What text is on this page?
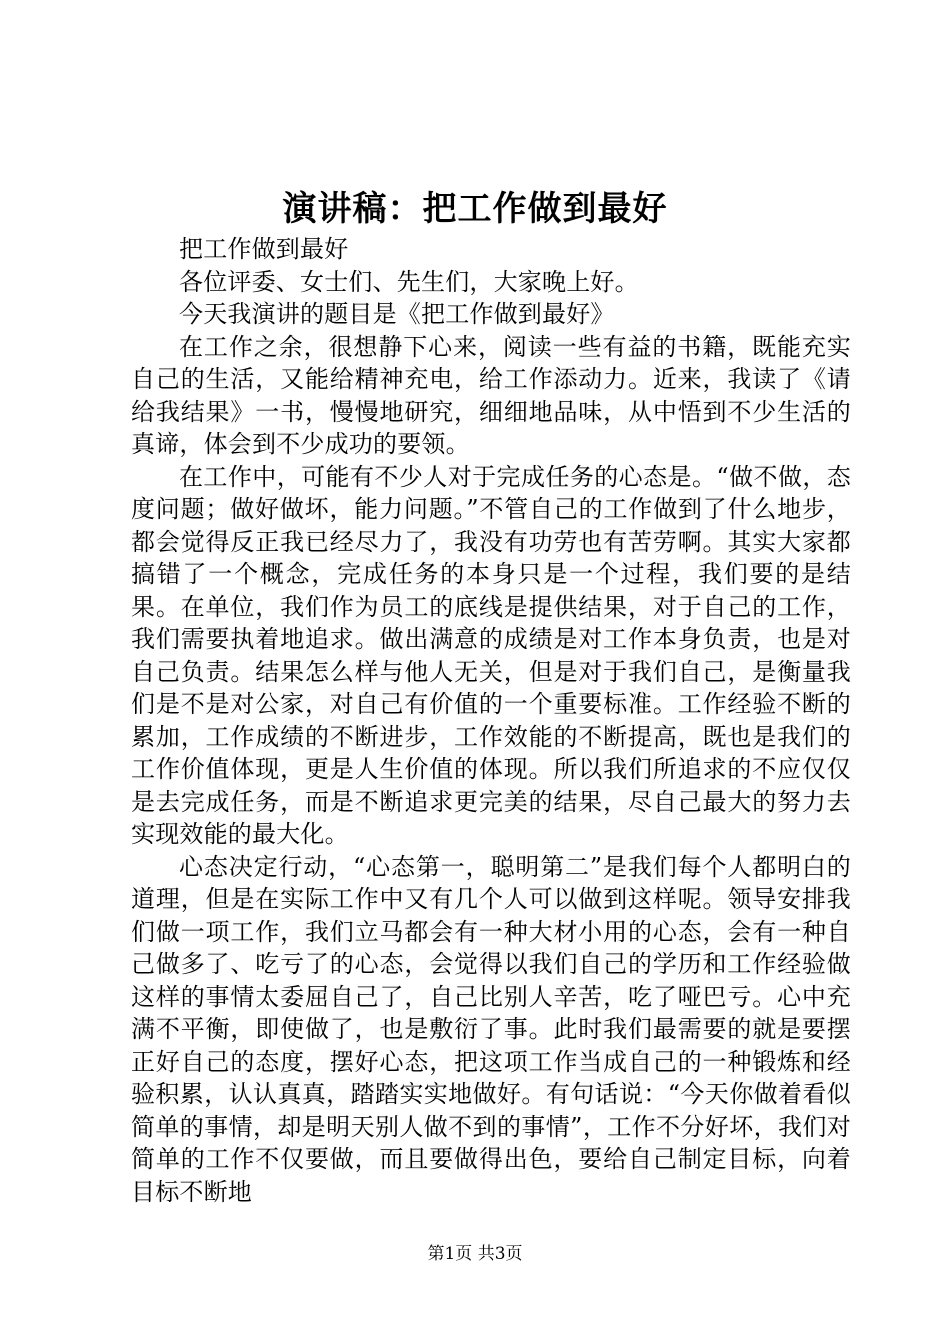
演讲稿：把工作做到最好

把工作做到最好

各位评委、女士们、先生们，大家晚上好。

今天我演讲的题目是《把工作做到最好》

在工作之余，很想静下心来，阅读一些有益的书籍，既能充实自己的生活，又能给精神充电，给工作添动力。近来，我读了《请给我结果》一书，慢慢地研究，细细地品味，从中悟到不少生活的真谛，体会到不少成功的要领。

在工作中，可能有不少人对于完成任务的心态是。“做不做，态度问题；做好做坏，能力问题。”不管自己的工作做到了什么地步，都会觉得反正我已经尽力了，我没有功劳也有苦劳啊。其实大家都搞错了一个概念，完成任务的本身只是一个过程，我们要的是结果。在单位，我们作为员工的底线是提供结果，对于自己的工作，我们需要执着地追求。做出满意的成绩是对工作本身负责，也是对自己负责。结果怎么样与他人无关，但是对于我们自己，是衡量我们是不是对公家，对自己有价值的一个重要标准。工作经验不断的累加，工作成绩的不断进步，工作效能的不断提高，既也是我们的工作价值体现，更是人生价值的体现。所以我们所追求的不应仅仅是去完成任务，而是不断追求更完美的结果，尽自己最大的努力去实现效能的最大化。

心态决定行动，“心态第一，聪明第二”是我们每个人都明白的道理，但是在实际工作中又有几个人可以做到这样呢。领导安排我们做一项工作，我们立马都会有一种大材小用的心态，会有一种自己做多了、吃亏了的心态，会觉得以我们自己的学历和工作经验做这样的事情太委屈自己了，自己比别人辛苦，吃了哑巴亏。心中充满不平衡，即使做了，也是敷衍了事。此时我们最需要的就是要摆正好自己的态度，摆好心态，把这项工作当成自己的一种锻炼和经验积累，认认真真，踏踏实实地做好。有句话说：“今天你做着看似简单的事情，却是明天别人做不到的事情”，工作不分好坏，我们对简单的工作不仅要做，而且要做得出色，要给自己制定目标，向着目标不断地

第1页 共3页
